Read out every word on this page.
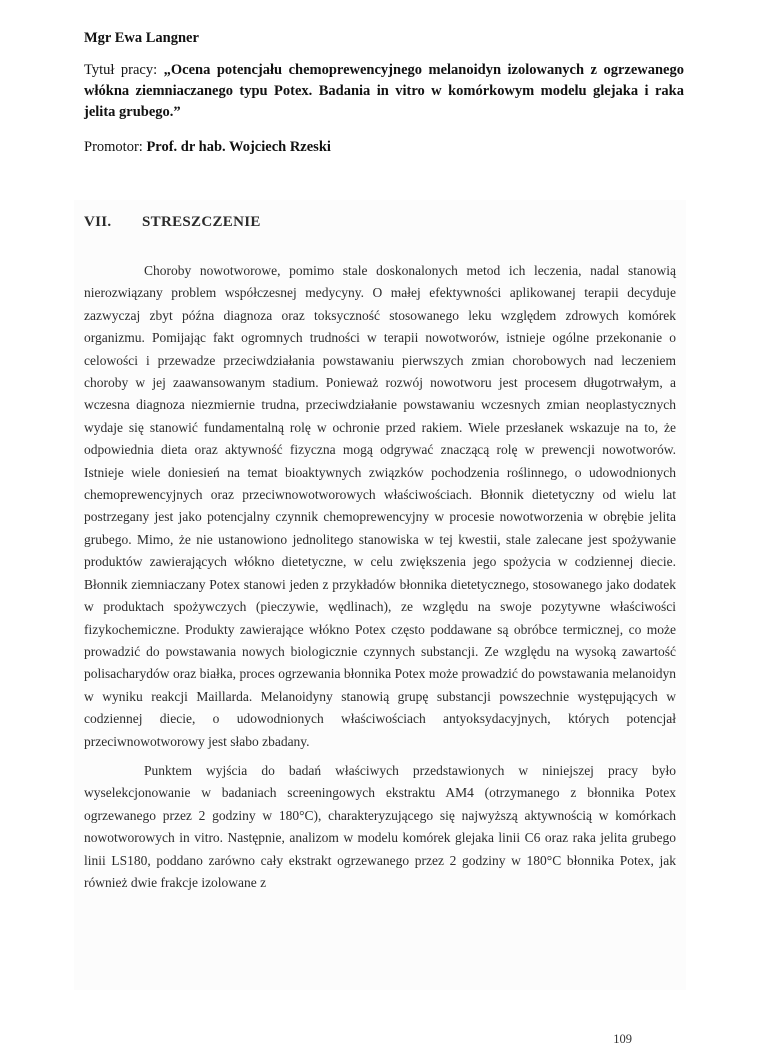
Mgr Ewa Langner

Tytuł pracy: „Ocena potencjału chemoprewencyjnego melanoidyn izolowanych z ogrzewanego włókna ziemniaczanego typu Potex. Badania in vitro w komórkowym modelu glejaka i raka jelita grubego.”

Promotor: Prof. dr hab. Wojciech Rzeski

VII. STRESZCZENIE

Choroby nowotworowe, pomimo stale doskonalonych metod ich leczenia, nadal stanowią nierozwiązany problem współczesnej medycyny. O małej efektywności aplikowanej terapii decyduje zazwyczaj zbyt późna diagnoza oraz toksyczność stosowanego leku względem zdrowych komórek organizmu. Pomijając fakt ogromnych trudności w terapii nowotworów, istnieje ogólne przekonanie o celowości i przewadze przeciwdziałania powstawaniu pierwszych zmian chorobowych nad leczeniem choroby w jej zaawansowanym stadium. Ponieważ rozwój nowotworu jest procesem długotrwałym, a wczesna diagnoza niezmiernie trudna, przeciwdziałanie powstawaniu wczesnych zmian neoplastycznych wydaje się stanowić fundamentalną rolę w ochronie przed rakiem. Wiele przesłanek wskazuje na to, że odpowiednia dieta oraz aktywność fizyczna mogą odgrywać znaczącą rolę w prewencji nowotworów. Istnieje wiele doniesień na temat bioaktywnych związków pochodzenia roślinnego, o udowodnionych chemoprewencyjnych oraz przeciwnowotworowych właściwościach. Błonnik dietetyczny od wielu lat postrzegany jest jako potencjalny czynnik chemoprewencyjny w procesie nowotworzenia w obrębie jelita grubego. Mimo, że nie ustanowiono jednolitego stanowiska w tej kwestii, stale zalecane jest spożywanie produktów zawierających włókno dietetyczne, w celu zwiększenia jego spożycia w codziennej diecie. Błonnik ziemniaczany Potex stanowi jeden z przykładów błonnika dietetycznego, stosowanego jako dodatek w produktach spożywczych (pieczywie, wędlinach), ze względu na swoje pozytywne właściwości fizykochemiczne. Produkty zawierające włókno Potex często poddawane są obróbce termicznej, co może prowadzić do powstawania nowych biologicznie czynnych substancji. Ze względu na wysoką zawartość polisacharydów oraz białka, proces ogrzewania błonnika Potex może prowadzić do powstawania melanoidyn w wyniku reakcji Maillarda. Melanoidyny stanowią grupę substancji powszechnie występujących w codziennej diecie, o udowodnionych właściwościach antyoksydacyjnych, których potencjał przeciwnowotworowy jest słabo zbadany.

Punktem wyjścia do badań właściwych przedstawionych w niniejszej pracy było wyselekcjonowanie w badaniach screeningowych ekstraktu AM4 (otrzymanego z błonnika Potex ogrzewanego przez 2 godziny w 180°C), charakteryzującego się najwyższą aktywnością w komórkach nowotworowych in vitro. Następnie, analizom w modelu komórek glejaka linii C6 oraz raka jelita grubego linii LS180, poddano zarówno cały ekstrakt ogrzewanego przez 2 godziny w 180°C błonnika Potex, jak również dwie frakcje izolowane z

109
